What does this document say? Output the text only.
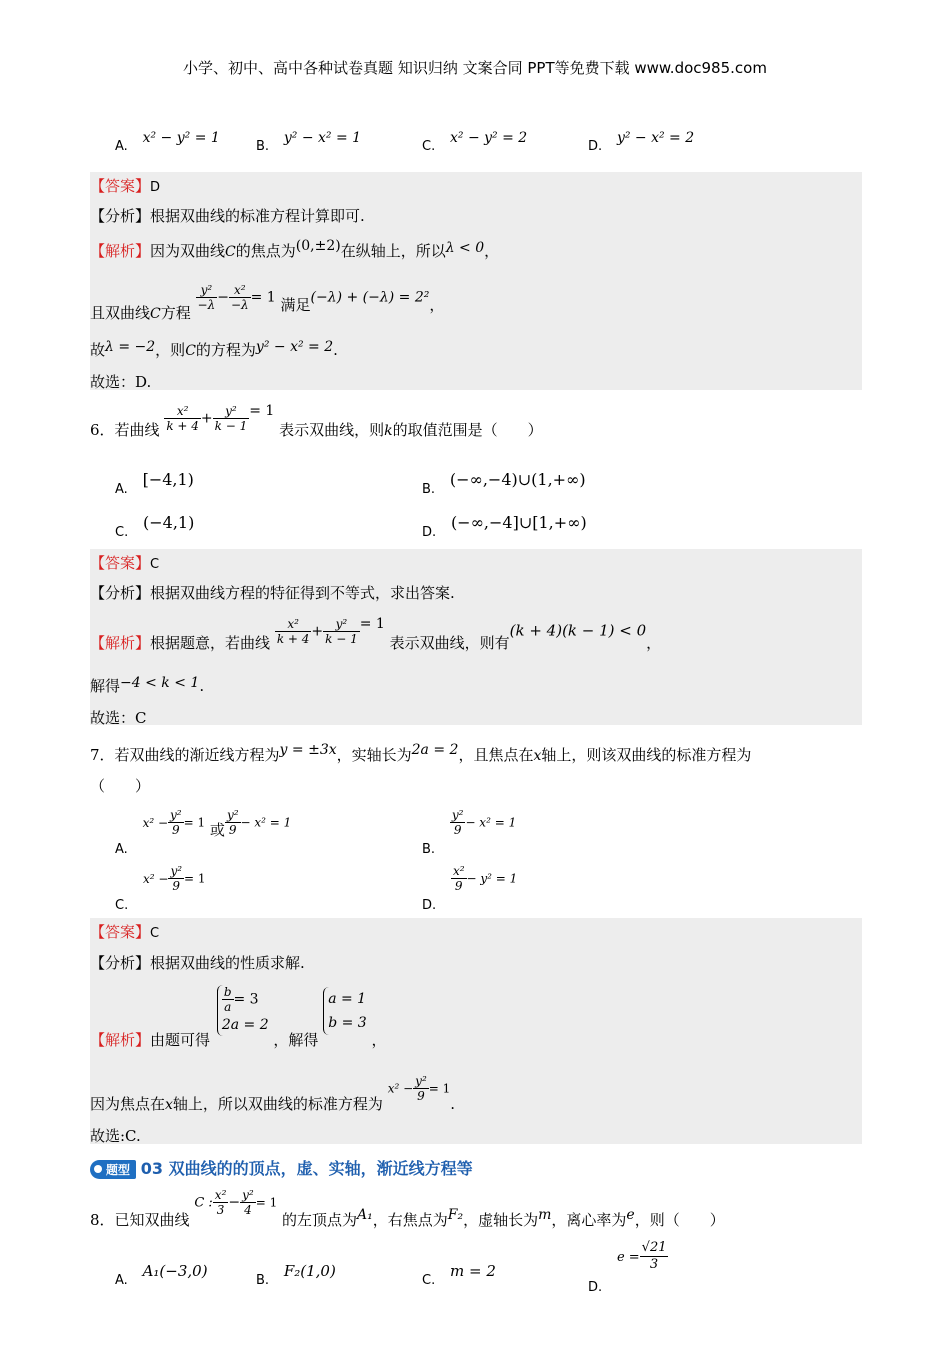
小学、初中、高中各种试卷真题 知识归纳 文案合同 PPT等免费下载 www.doc985.com
A. x² − y² = 1
B. y² − x² = 1
C. x² − y² = 2
D. y² − x² = 2
【答案】D
【分析】根据双曲线的标准方程计算即可.
【解析】因为双曲线C的焦点为(0,±2)在纵轴上，所以λ < 0，
且双曲线C方程
$\frac{\text{y²}}{-\lambda} - \frac{\text{x²}}{-\lambda} = 1$ 满足(−λ) + (−λ) = 2²，
故λ = −2，则C的方程为y² − x² = 2.
故选：D.
6．若曲线 $\frac{\text{x²}}{k + 4} + \frac{\text{y²}}{k - 1} = 1$ 表示双曲线，则k的取值范围是（　　）
A. [−4,1)
B. (−∞,−4)∪(1,+∞)
C. (−4,1)
D. (−∞,−4]∪[1,+∞)
【答案】C
【分析】根据双曲线方程的特征得到不等式，求出答案.
【解析】根据题意，若曲线 $\frac{\text{x²}}{k + 4} + \frac{\text{y²}}{k - 1} = 1$ 表示双曲线，则有(k + 4)(k − 1) < 0，
解得−4 < k < 1.
故选：C
7．若双曲线的渐近线方程为y = ±3x，实轴长为2a = 2，且焦点在x轴上，则该双曲线的标准方程为
（　　）
A. $x^2 - \frac{\text{y²}}{9} = 1$ 或 $\frac{\text{y²}}{9} - x^2 = 1$
B.
$\frac{\text{y²}}{9} - x^2 = 1$
C. $x^2 - \frac{\text{y²}}{9} = 1$
D.
$\frac{\text{x²}}{9} - y^2 = 1$
【答案】C
【分析】根据双曲线的性质求解.
【解析】由题可得
$\frac{b}{a} = 3$
2a = 2
，解得
a = 1
b = 3
，
因为焦点在x轴上，所以双曲线的标准方程为 $x^2 - \frac{\text{y²}}{9} = 1$.
故选:C.
题型 03 双曲线的的顶点，虚、实轴，渐近线方程等
8．已知双曲线 C : $\frac{\text{x²}}{3} - \frac{\text{y²}}{4} = 1$ 的左顶点为A₁，右焦点为F₂，虚轴长为m，离心率为e，则（　　）
A. A₁(−3,0)
B. F₂(1,0)
C. m = 2
D. $e = \frac{√21}{3}$
